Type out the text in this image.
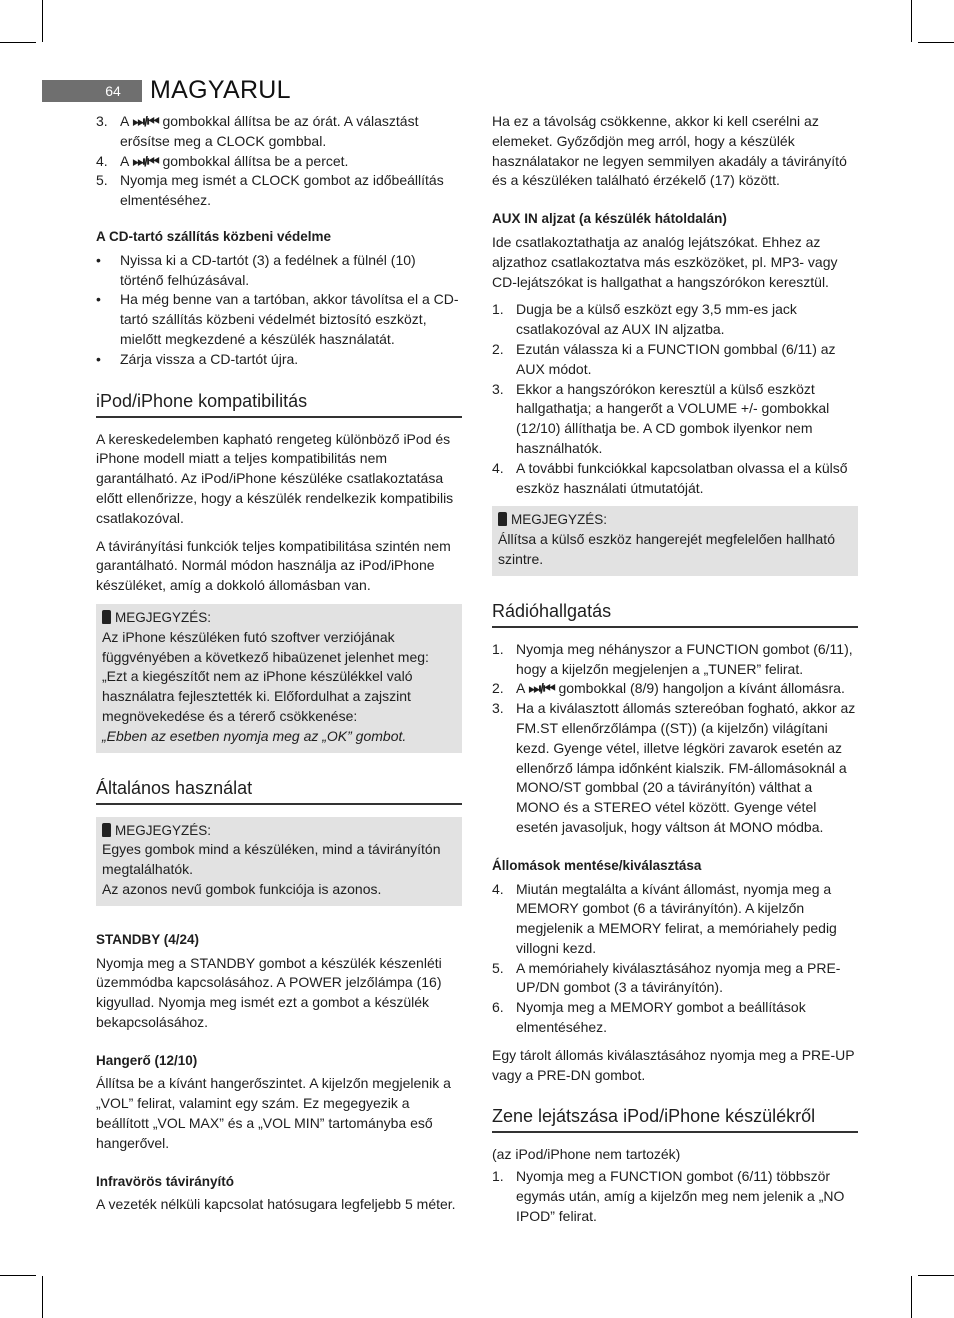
64	MAGYARUL
3. A ⏭/⏮ gombokkal állítsa be az órát. A választást erősítse meg a CLOCK gombbal.
4. A ⏭/⏮ gombokkal állítsa be a percet.
5. Nyomja meg ismét a CLOCK gombot az időbeállítás elmentéséhez.
A CD-tartó szállítás közbeni védelme
• Nyissa ki a CD-tartót (3) a fedélnek a fülnél (10) történő felhúzásával.
• Ha még benne van a tartóban, akkor távolítsa el a CD-tartó szállítás közbeni védelmét biztosító eszközt, mielőtt megkezdené a készülék használatát.
• Zárja vissza a CD-tartót újra.
iPod/iPhone kompatibilitás

A kereskedelemben kapható rengeteg különböző iPod és iPhone modell miatt a teljes kompatibilitás nem garantálható. Az iPod/iPhone készüléke csatlakoztatása előtt ellenőrizze, hogy a készülék rendelkezik kompatibilis csatlakozóval.

A távirányítási funkciók teljes kompatibilitása szintén nem garantálható. Normál módon használja az iPod/iPhone készüléket, amíg a dokkoló állomásban van.

MEGJEGYZÉS:
Az iPhone készüléken futó szoftver verziójának függvényében a következő hibaüzenet jelenhet meg: „Ezt a kiegészítőt nem az iPhone készülékkel való használatra fejlesztették ki. Előfordulhat a zajszint megnövekedése és a térerő csökkenése:
„Ebben az esetben nyomja meg az „OK” gombot.
Általános használat
MEGJEGYZÉS:
Egyes gombok mind a készüléken, mind a távirányítón megtalálhatók.
Az azonos nevű gombok funkciója is azonos.
STANDBY (4/24)

Nyomja meg a STANDBY gombot a készülék készenléti üzemmódba kapcsolásához. A POWER jelzőlámpa (16) kigyullad. Nyomja meg ismét ezt a gombot a készülék bekapcsolásához.

Hangerő (12/10)

Állítsa be a kívánt hangerőszintet. A kijelzőn megjelenik a „VOL” felirat, valamint egy szám. Ez megegyezik a beállított „VOL MAX” és a „VOL MIN” tartományba eső hangerővel.

Infravörös távirányító

A vezeték nélküli kapcsolat hatósugara legfeljebb 5 méter.

Ha ez a távolság csökkenne, akkor ki kell cserélni az elemeket. Győződjön meg arról, hogy a készülék használatakor ne legyen semmilyen akadály a távirányító és a készüléken található érzékelő (17) között.

AUX IN aljzat (a készülék hátoldalán)

Ide csatlakoztathatja az analóg lejátszókat. Ehhez az aljzathoz csatlakoztatva más eszközöket, pl. MP3- vagy CD-lejátszókat is hallgathat a hangszórókon keresztül.

1. Dugja be a külső eszközt egy 3,5 mm-es jack csatlakozóval az AUX IN aljzatba.
2. Ezután válassza ki a FUNCTION gombbal (6/11) az AUX módot.
3. Ekkor a hangszórókon keresztül a külső eszközt hallgathatja; a hangerőt a VOLUME +/- gombokkal (12/10) állíthatja be. A CD gombok ilyenkor nem használhatók.
4. A további funkciókkal kapcsolatban olvassa el a külső eszköz használati útmutatóját.
MEGJEGYZÉS:
Állítsa a külső eszköz hangerejét megfelelően hallható szintre.
Rádióhallgatás
1. Nyomja meg néhányszor a FUNCTION gombot (6/11), hogy a kijelzőn megjelenjen a „TUNER” felirat.
2. A ⏭/⏮ gombokkal (8/9) hangoljon a kívánt állomásra.
3. Ha a kiválasztott állomás sztereóban fogható, akkor az FM.ST ellenőrzőlámpa ((ST)) (a kijelzőn) világítani kezd. Gyenge vétel, illetve légköri zavarok esetén az ellenőrző lámpa időnként kialszik. FM-állomásoknál a MONO/ST gombbal (20 a távirányítón) válthat a MONO és a STEREO vétel között. Gyenge vétel esetén javasoljuk, hogy váltson át MONO módba.
Állomások mentése/kiválasztása
4. Miután megtalálta a kívánt állomást, nyomja meg a MEMORY gombot (6 a távirányítón). A kijelzőn megjelenik a MEMORY felirat, a memóriahely pedig villogni kezd.
5. A memóriahely kiválasztásához nyomja meg a PRE-UP/DN gombot (3 a távirányítón).
6. Nyomja meg a MEMORY gombot a beállítások elmentéséhez.

Egy tárolt állomás kiválasztásához nyomja meg a PRE-UP vagy a PRE-DN gombot.

Zene lejátszása iPod/iPhone készülékről

(az iPod/iPhone nem tartozék)

1. Nyomja meg a FUNCTION gombot (6/11) többször egymás után, amíg a kijelzőn meg nem jelenik a „NO IPOD” felirat.
